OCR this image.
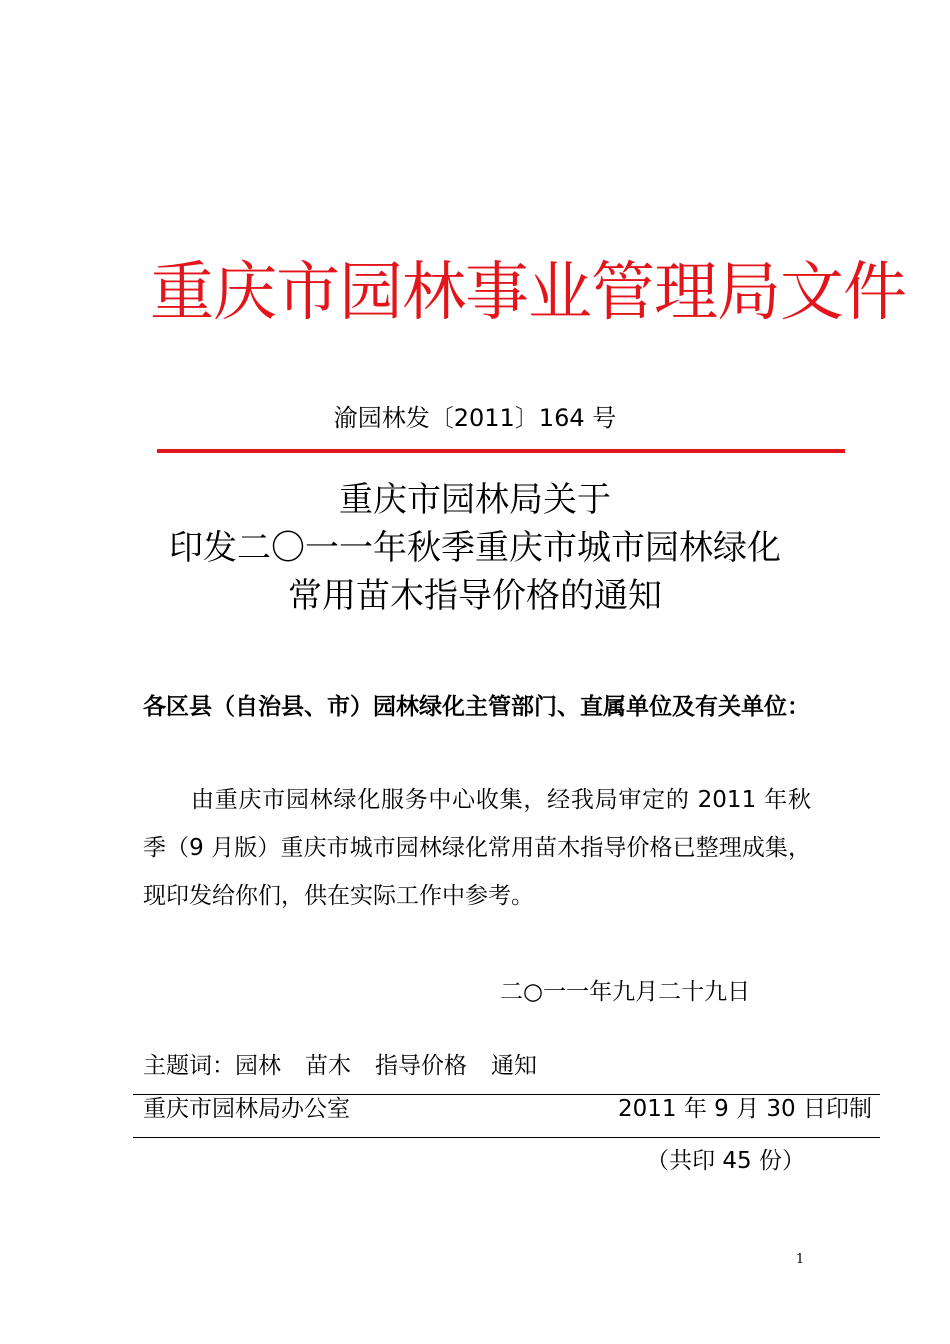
重庆市园林事业管理局文件
渝园林发〔2011〕164 号
重庆市园林局关于
印发二〇一一年秋季重庆市城市园林绿化
常用苗木指导价格的通知
各区县（自治县、市）园林绿化主管部门、直属单位及有关单位：
由重庆市园林绿化服务中心收集，经我局审定的 2011 年秋季（9 月版）重庆市城市园林绿化常用苗木指导价格已整理成集，现印发给你们，供在实际工作中参考。
二○一一年九月二十九日
主题词：园林 苗木 指导价格 通知
重庆市园林局办公室	2011 年 9 月 30 日印制
（共印 45 份）
1
